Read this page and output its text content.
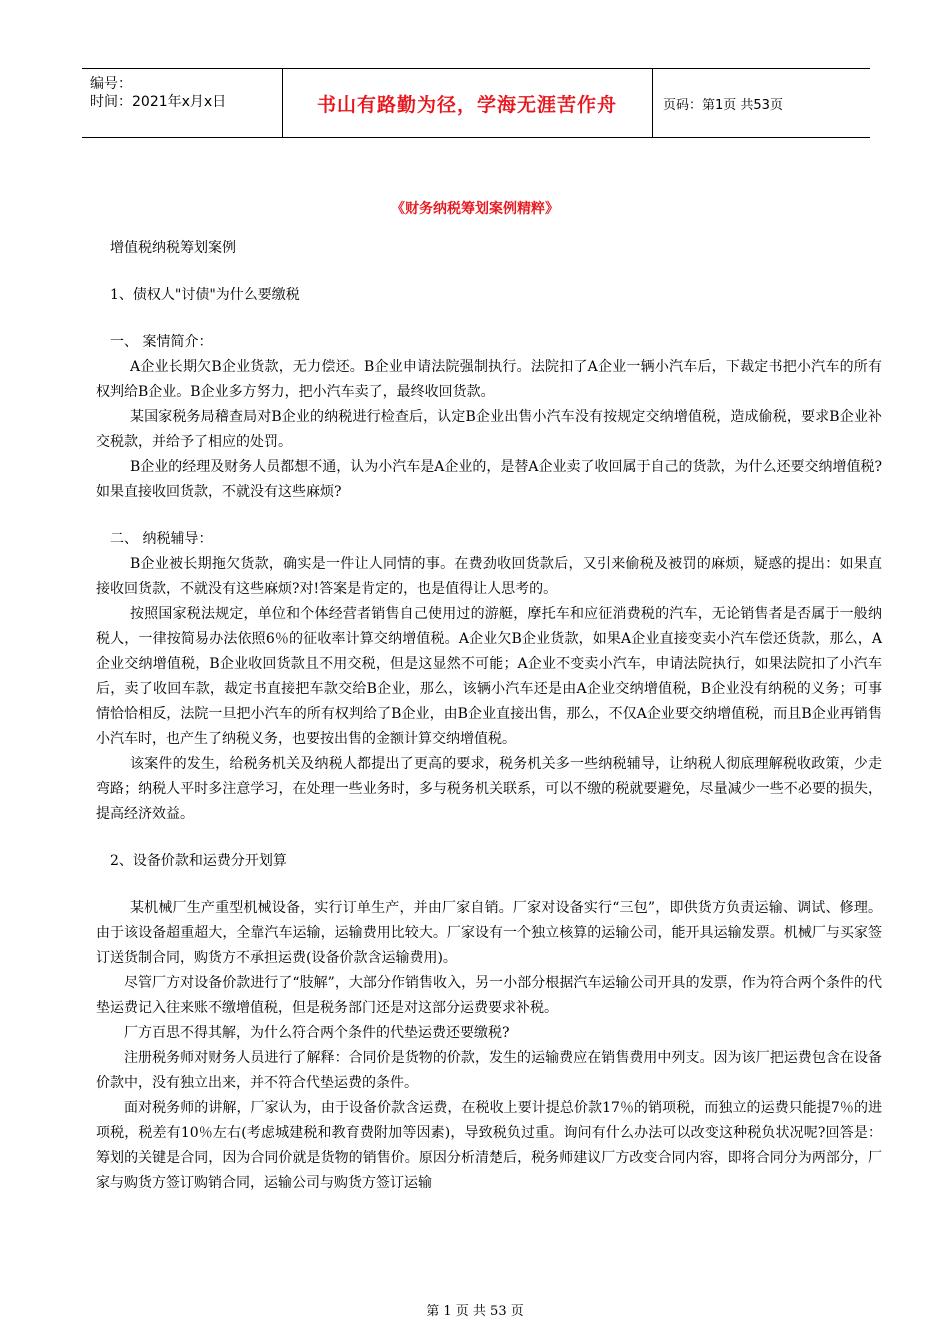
编号：
时间：2021年x月x日	书山有路勤为径，学海无涯苦作舟	页码：第1页 共53页
《财务纳税筹划案例精粹》

增值税纳税筹划案例

1、债权人"讨债"为什么要缴税

一、 案情简介：

A企业长期欠B企业货款，无力偿还。B企业申请法院强制执行。法院扣了A企业一辆小汽车后，下裁定书把小汽车的所有权判给B企业。B企业多方努力，把小汽车卖了，最终收回货款。

某国家税务局稽查局对B企业的纳税进行检查后，认定B企业出售小汽车没有按规定交纳增值税，造成偷税，要求B企业补交税款，并给予了相应的处罚。

B企业的经理及财务人员都想不通，认为小汽车是A企业的，是替A企业卖了收回属于自己的货款，为什么还要交纳增值税?如果直接收回货款，不就没有这些麻烦?

二、 纳税辅导：

B企业被长期拖欠货款，确实是一件让人同情的事。在费劲收回货款后，又引来偷税及被罚的麻烦，疑惑的提出：如果直接收回货款，不就没有这些麻烦?对!答案是肯定的，也是值得让人思考的。

按照国家税法规定，单位和个体经营者销售自己使用过的游艇，摩托车和应征消费税的汽车，无论销售者是否属于一般纳税人，一律按简易办法依照6％的征收率计算交纳增值税。A企业欠B企业货款，如果A企业直接变卖小汽车偿还货款，那么，A企业交纳增值税，B企业收回货款且不用交税，但是这显然不可能；A企业不变卖小汽车，申请法院执行，如果法院扣了小汽车后，卖了收回车款，裁定书直接把车款交给B企业，那么，该辆小汽车还是由A企业交纳增值税，B企业没有纳税的义务；可事情恰恰相反，法院一旦把小汽车的所有权判给了B企业，由B企业直接出售，那么，不仅A企业要交纳增值税，而且B企业再销售小汽车时，也产生了纳税义务，也要按出售的金额计算交纳增值税。

该案件的发生，给税务机关及纳税人都提出了更高的要求，税务机关多一些纳税辅导，让纳税人彻底理解税收政策，少走弯路；纳税人平时多注意学习，在处理一些业务时，多与税务机关联系，可以不缴的税就要避免，尽量减少一些不必要的损失，提高经济效益。

2、设备价款和运费分开划算

某机械厂生产重型机械设备，实行订单生产，并由厂家自销。厂家对设备实行“三包”，即供货方负责运输、调试、修理。由于该设备超重超大，全靠汽车运输，运输费用比较大。厂家设有一个独立核算的运输公司，能开具运输发票。机械厂与买家签订送货制合同，购货方不承担运费(设备价款含运输费用)。

尽管厂方对设备价款进行了“肢解”，大部分作销售收入，另一小部分根据汽车运输公司开具的发票，作为符合两个条件的代垫运费记入往来账不缴增值税，但是税务部门还是对这部分运费要求补税。

厂方百思不得其解，为什么符合两个条件的代垫运费还要缴税?

注册税务师对财务人员进行了解释：合同价是货物的价款，发生的运输费应在销售费用中列支。因为该厂把运费包含在设备价款中，没有独立出来，并不符合代垫运费的条件。

面对税务师的讲解，厂家认为，由于设备价款含运费，在税收上要计提总价款17％的销项税，而独立的运费只能提7％的进项税，税差有10％左右(考虑城建税和教育费附加等因素)，导致税负过重。询问有什么办法可以改变这种税负状况呢?回答是：筹划的关键是合同，因为合同价就是货物的销售价。原因分析清楚后，税务师建议厂方改变合同内容，即将合同分为两部分，厂家与购货方签订购销合同，运输公司与购货方签订运输

第 1 页 共 53 页
